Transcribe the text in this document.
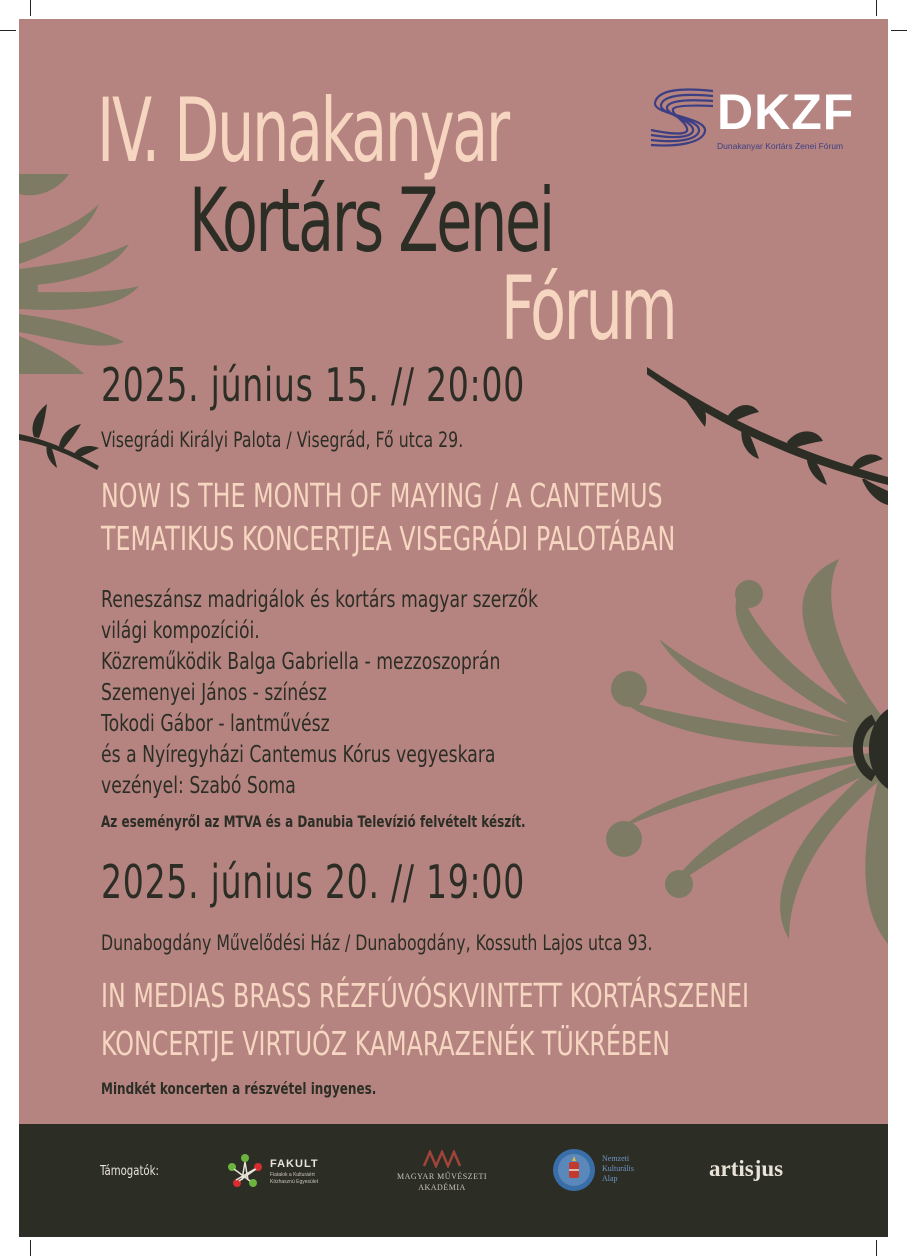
IV. Dunakanyar
Kortárs Zenei
Fórum
DKZF
Dunakanyar Kortárs Zenei Fórum
2025. június 15. // 20:00
Visegrádi Királyi Palota / Visegrád, Fő utca 29.
NOW IS THE MONTH OF MAYING / A CANTEMUS
TEMATIKUS KONCERTJEA VISEGRÁDI PALOTÁBAN
Reneszánsz madrigálok és kortárs magyar szerzők
világi kompozíciói.
Közreműködik Balga Gabriella - mezzoszoprán
Szemenyei János - színész
Tokodi Gábor - lantművész
és a Nyíregyházi Cantemus Kórus vegyeskara
vezényel: Szabó Soma
Az eseményről az MTVA és a Danubia Televízió felvételt készít.
2025. június 20. // 19:00
Dunabogdány Művelődési Ház / Dunabogdány, Kossuth Lajos utca 93.
IN MEDIAS BRASS RÉZFÚVÓSKVINTETT KORTÁRSZENEI
KONCERTJE VIRTUÓZ KAMARAZENÉK TÜKRÉBEN
Mindkét koncerten a részvétel ingyenes.
Támogatók:	FAKULT
Fiatalok a Kulturáért
Közhasznú Egyesület
MAGYAR MŰVÉSZETI
AKADÉMIA
Nemzeti
Kulturális
Alap	artisjus
